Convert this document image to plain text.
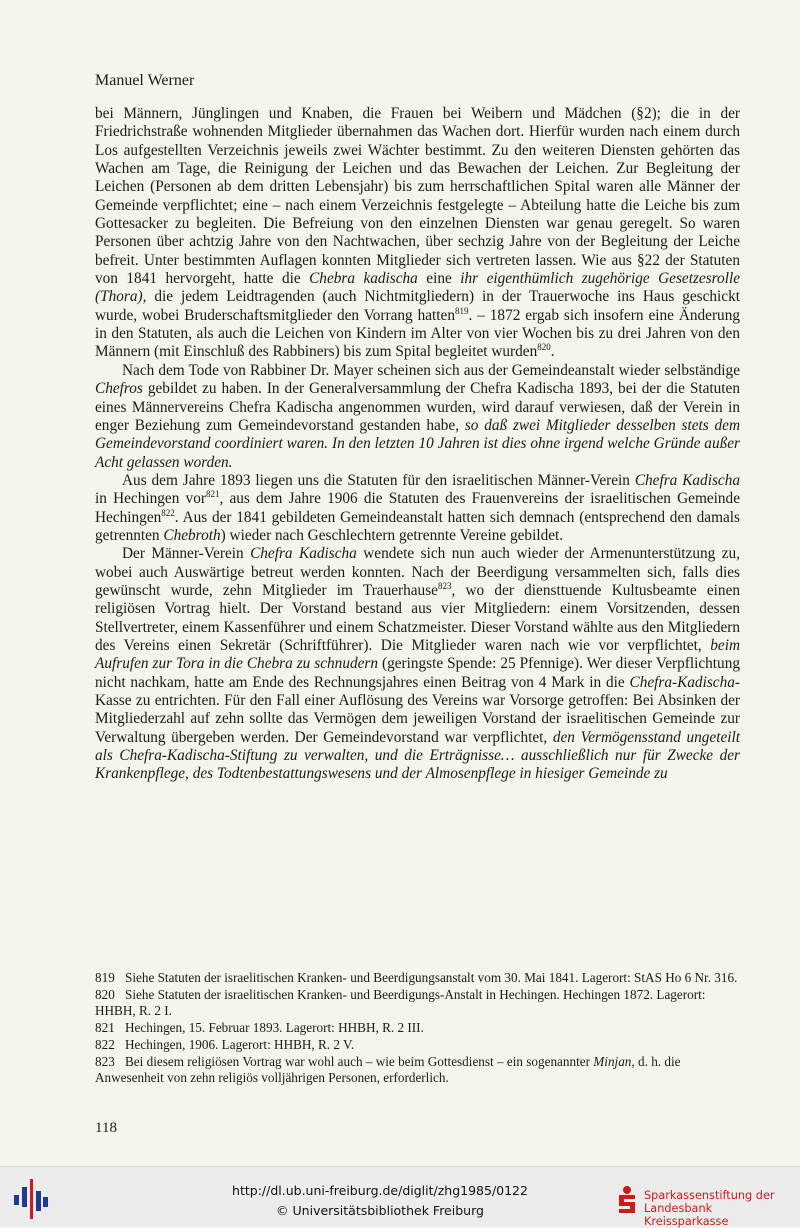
Manuel Werner

bei Männern, Jünglingen und Knaben, die Frauen bei Weibern und Mädchen (§2); die in der Friedrichstraße wohnenden Mitglieder übernahmen das Wachen dort. Hierfür wurden nach einem durch Los aufgestellten Verzeichnis jeweils zwei Wächter bestimmt. Zu den weiteren Diensten gehörten das Wachen am Tage, die Reinigung der Leichen und das Bewachen der Leichen. Zur Begleitung der Leichen (Personen ab dem dritten Lebensjahr) bis zum herrschaftlichen Spital waren alle Männer der Gemeinde verpflichtet; eine – nach einem Verzeichnis festgelegte – Abteilung hatte die Leiche bis zum Gottesacker zu begleiten. Die Befreiung von den einzelnen Diensten war genau geregelt. So waren Personen über achtzig Jahre von den Nachtwachen, über sechzig Jahre von der Begleitung der Leiche befreit. Unter bestimmten Auflagen konnten Mitglieder sich vertreten lassen. Wie aus §22 der Statuten von 1841 hervorgeht, hatte die Chebra kadischa eine ihr eigenthümlich zugehörige Gesetzesrolle (Thora), die jedem Leidtragenden (auch Nichtmitgliedern) in der Trauerwoche ins Haus geschickt wurde, wobei Bruderschaftsmitglieder den Vorrang hatten$^{819}$. – 1872 ergab sich insofern eine Änderung in den Statuten, als auch die Leichen von Kindern im Alter von vier Wochen bis zu drei Jahren von den Männern (mit Einschluß des Rabbiners) bis zum Spital begleitet wurden$^{820}$.

Nach dem Tode von Rabbiner Dr. Mayer scheinen sich aus der Gemeindeanstalt wieder selbständige Chefros gebildet zu haben. In der Generalversammlung der Chefra Kadischa 1893, bei der die Statuten eines Männervereins Chefra Kadischa angenommen wurden, wird darauf verwiesen, daß der Verein in enger Beziehung zum Gemeindevorstand gestanden habe, so daß zwei Mitglieder desselben stets dem Gemeindevorstand coordiniert waren. In den letzten 10 Jahren ist dies ohne irgend welche Gründe außer Acht gelassen worden.

Aus dem Jahre 1893 liegen uns die Statuten für den israelitischen Männer-Verein Chefra Kadischa in Hechingen vor$^{821}$, aus dem Jahre 1906 die Statuten des Frauenvereins der israelitischen Gemeinde Hechingen$^{822}$. Aus der 1841 gebildeten Gemeindeanstalt hatten sich demnach (entsprechend den damals getrennten Chebroth) wieder nach Geschlechtern getrennte Vereine gebildet.

Der Männer-Verein Chefra Kadischa wendete sich nun auch wieder der Armenunterstützung zu, wobei auch Auswärtige betreut werden konnten. Nach der Beerdigung versammelten sich, falls dies gewünscht wurde, zehn Mitglieder im Trauerhause$^{823}$, wo der diensttuende Kultusbeamte einen religiösen Vortrag hielt. Der Vorstand bestand aus vier Mitgliedern: einem Vorsitzenden, dessen Stellvertreter, einem Kassenführer und einem Schatzmeister. Dieser Vorstand wählte aus den Mitgliedern des Vereins einen Sekretär (Schriftführer). Die Mitglieder waren nach wie vor verpflichtet, beim Aufrufen zur Tora in die Chebra zu schnudern (geringste Spende: 25 Pfennige). Wer dieser Verpflichtung nicht nachkam, hatte am Ende des Rechnungsjahres einen Beitrag von 4 Mark in die Chefra-Kadischa-Kasse zu entrichten. Für den Fall einer Auflösung des Vereins war Vorsorge getroffen: Bei Absinken der Mitgliederzahl auf zehn sollte das Vermögen dem jeweiligen Vorstand der israelitischen Gemeinde zur Verwaltung übergeben werden. Der Gemeindevorstand war verpflichtet, den Vermögensstand ungeteilt als Chefra-Kadischa-Stiftung zu verwalten, und die Erträgnisse… ausschließlich nur für Zwecke der Krankenpflege, des Todtenbestattungswesens und der Almosenpflege in hiesiger Gemeinde zu

819 Siehe Statuten der israelitischen Kranken- und Beerdigungsanstalt vom 30. Mai 1841. Lagerort: StAS Ho 6 Nr. 316.

820 Siehe Statuten der israelitischen Kranken- und Beerdigungs-Anstalt in Hechingen. Hechingen 1872. Lagerort: HHBH, R. 2 I.

821 Hechingen, 15. Februar 1893. Lagerort: HHBH, R. 2 III.

822 Hechingen, 1906. Lagerort: HHBH, R. 2 V.

823 Bei diesem religiösen Vortrag war wohl auch – wie beim Gottesdienst – ein sogenannter Minjan, d. h. die Anwesenheit von zehn religiös volljährigen Personen, erforderlich.

118
http://dl.ub.uni-freiburg.de/diglit/zhg1985/0122
© Universitätsbibliothek Freiburg
Sparkassenstiftung der
Landesbank Kreissparkasse
